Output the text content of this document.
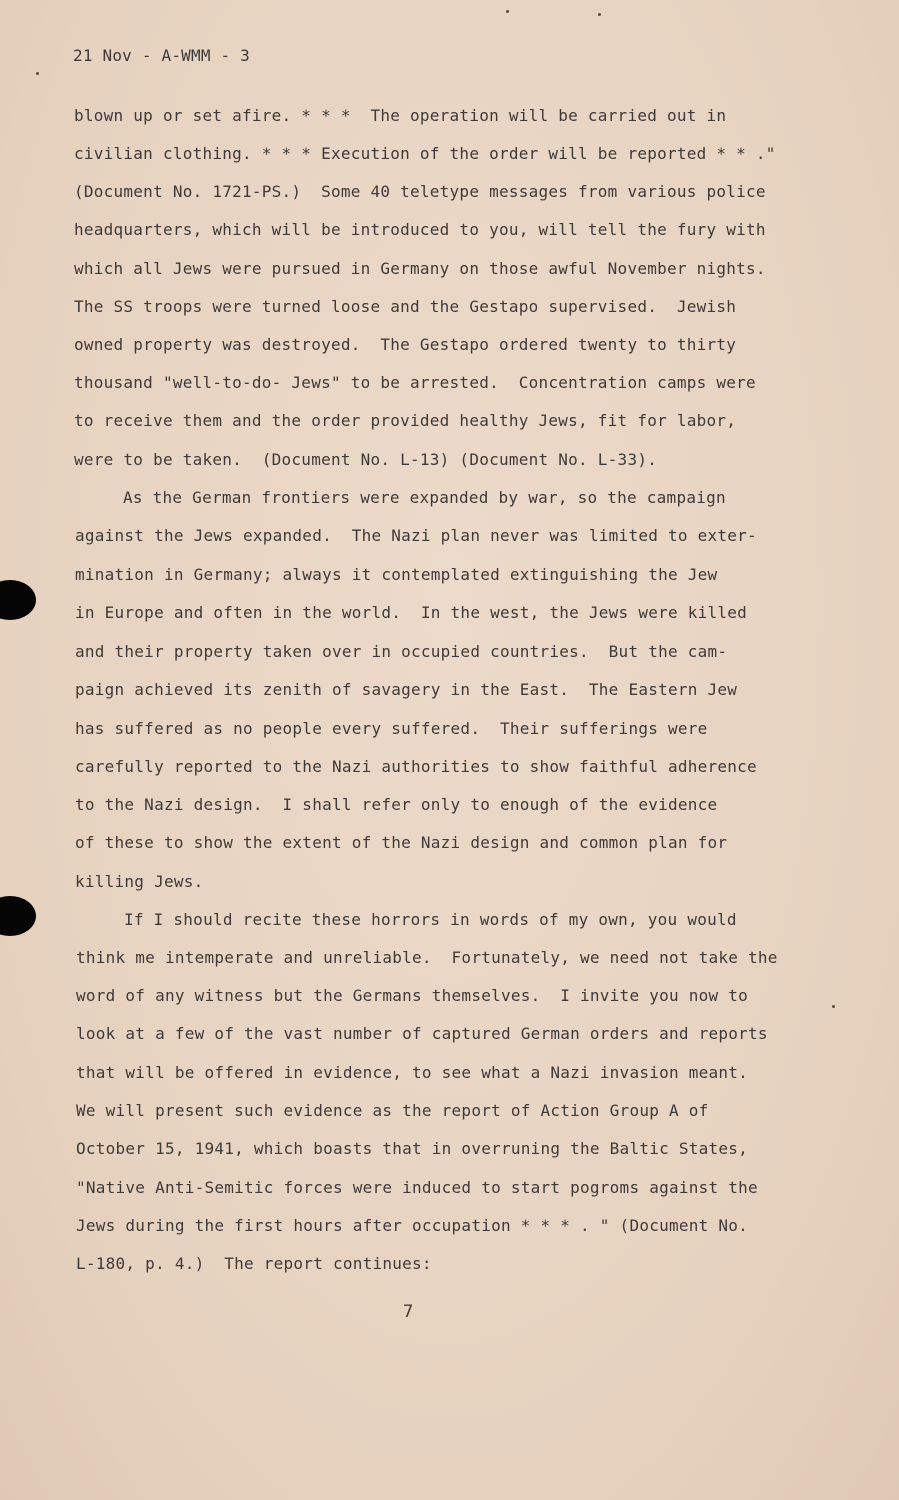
21 Nov - A-WMM - 3
blown up or set afire. * * *  The operation will be carried out in
civilian clothing. * * * Execution of the order will be reported * * ."
(Document No. 1721-PS.)  Some 40 teletype messages from various police
headquarters, which will be introduced to you, will tell the fury with
which all Jews were pursued in Germany on those awful November nights.
The SS troops were turned loose and the Gestapo supervised.  Jewish
owned property was destroyed.  The Gestapo ordered twenty to thirty
thousand "well-to-do- Jews" to be arrested.  Concentration camps were
to receive them and the order provided healthy Jews, fit for labor,
were to be taken.  (Document No. L-13) (Document No. L-33).
As the German frontiers were expanded by war, so the campaign
against the Jews expanded.  The Nazi plan never was limited to exter-
mination in Germany; always it contemplated extinguishing the Jew
in Europe and often in the world.  In the west, the Jews were killed
and their property taken over in occupied countries.  But the cam-
paign achieved its zenith of savagery in the East.  The Eastern Jew
has suffered as no people every suffered.  Their sufferings were
carefully reported to the Nazi authorities to show faithful adherence
to the Nazi design.  I shall refer only to enough of the evidence
of these to show the extent of the Nazi design and common plan for
killing Jews.
If I should recite these horrors in words of my own, you would
think me intemperate and unreliable.  Fortunately, we need not take the
word of any witness but the Germans themselves.  I invite you now to
look at a few of the vast number of captured German orders and reports
that will be offered in evidence, to see what a Nazi invasion meant.
We will present such evidence as the report of Action Group A of
October 15, 1941, which boasts that in overruning the Baltic States,
"Native Anti-Semitic forces were induced to start pogroms against the
Jews during the first hours after occupation * * * . " (Document No.
L-180, p. 4.)  The report continues:
7
